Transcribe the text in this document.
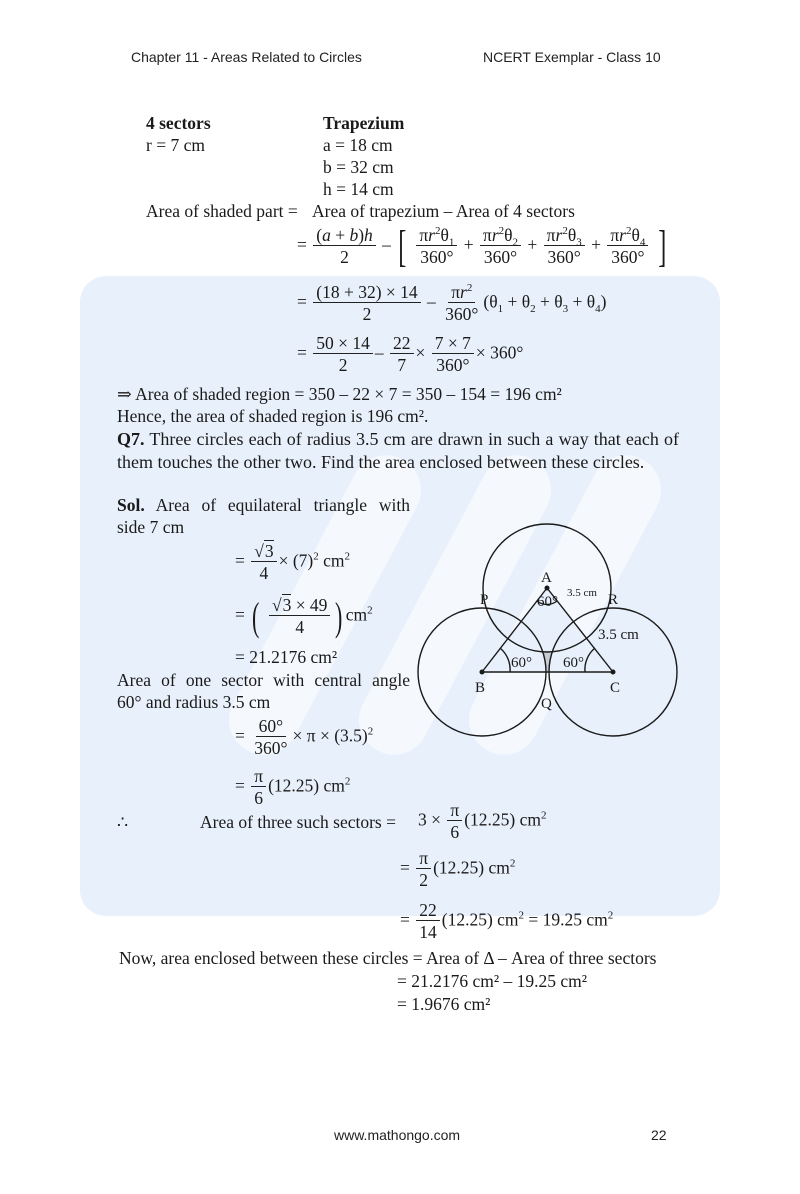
Chapter 11 - Areas Related to Circles	NCERT Exemplar - Class 10
4 sectors
r = 7 cm
Trapezium
a = 18 cm
b = 32 cm
h = 14 cm
Area of shaded part = Area of trapezium – Area of 4 sectors
= $\frac{(a + b)h}{2}$ – [ $\frac{\pi r^2\theta_1}{360^\circ} + \frac{\pi r^2\theta_2}{360^\circ} + \frac{\pi r^2\theta_3}{360^\circ} + \frac{\pi r^2\theta_4}{360^\circ}$ ]
= $\frac{(18 + 32) \times 14}{2} - \frac{\pi r^2}{360^\circ} (\theta_1 + \theta_2 + \theta_3 + \theta_4)$
= $\frac{50 \times 14}{2} - \frac{22}{7} \times \frac{7 \times 7}{360^\circ} \times 360^\circ$
⇒ Area of shaded region = 350 – 22 × 7 = 350 – 154 = 196 cm²
Hence, the area of shaded region is 196 cm².
Q7. Three circles each of radius 3.5 cm are drawn in such a way that each of them touches the other two. Find the area enclosed between these circles.
Sol. Area of equilateral triangle with
side 7 cm
= $\frac{√3}{4} \times (7)^2$ $cm^2$
= ( $\frac{√3 \times 49}{4}$ ) $cm^2$
= 21.2176 cm²
Area of one sector with central angle
60° and radius 3.5 cm
= $\frac{60^\circ}{360^\circ} \times \pi \times (3.5)^2$
= $\frac{\pi}{6} (12.25)$ $cm^2$
∴	Area of three such sectors = $3 \times \frac{\pi}{6} (12.25)$ $cm^2$
= $\frac{\pi}{2} (12.25)$ $cm^2$
= $\frac{22}{14} (12.25) cm^2 = 19.25$ $cm^2$
Now, area enclosed between these circles = Area of Δ – Area of three sectors
= 21.2176 cm² – 19.25 cm²
= 1.9676 cm²
A
B	C
P
Q
R
60°
60° 60°
3.5 cm
3.5 cm
www.mathongo.com	22
